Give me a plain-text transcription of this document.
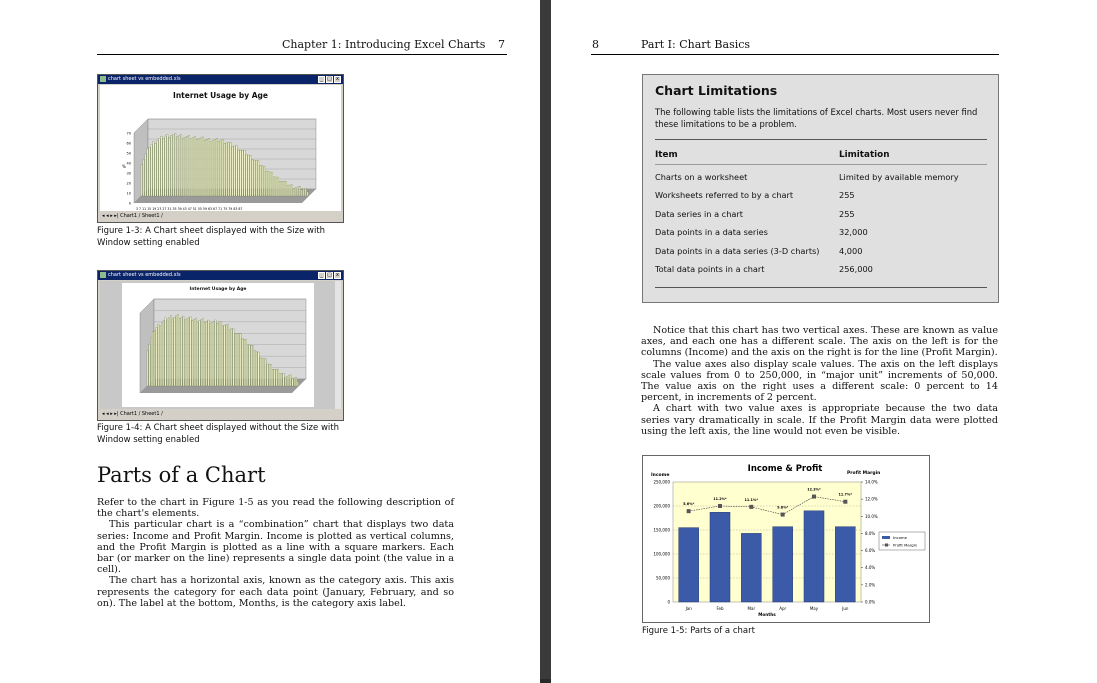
Chapter 1: Introducing Excel Charts 7
chart sheet vs embedded.xls	_ □ x
Internet Usage by Age
70
60
50
40
30
20
10
0
%
3 7 11 15 19 23 27 31 35 39 43 47 51 55 59 63 67 71 75 79 83 87
◂ ◂ ▸ ▸| Chart1 / Sheet1 /
Figure 1-3: A Chart sheet displayed with the Size with Window setting enabled
chart sheet vs embedded.xls	_ □ x
Internet Usage by Age
◂ ◂ ▸ ▸| Chart1 / Sheet1 /
Figure 1-4: A Chart sheet displayed without the Size with Window setting enabled
Parts of a Chart

Refer to the chart in Figure 1-5 as you read the following description of the chart's elements.

This particular chart is a “combination” chart that displays two data series: Income and Profit Margin. Income is plotted as vertical columns, and the Profit Margin is plotted as a line with a square markers. Each bar (or marker on the line) represents a single data point (the value in a cell).

The chart has a horizontal axis, known as the category axis. This axis represents the category for each data point (January, February, and so on). The label at the bottom, Months, is the category axis label.

8	Part I: Chart Basics
Chart Limitations
The following table lists the limitations of Excel charts. Most users never find these limitations to be a problem.
Item	Limitation
Charts on a worksheet	Limited by available memory
Worksheets referred to by a chart	255
Data series in a chart	255
Data points in a data series	32,000
Data points in a data series (3-D charts) 4,000
Total data points in a chart	256,000

Notice that this chart has two vertical axes. These are known as value axes, and each one has a different scale. The axis on the left is for the columns (Income) and the axis on the right is for the line (Profit Margin).

The value axes also display scale values. The axis on the left displays scale values from 0 to 250,000, in “major unit” increments of 50,000. The value axis on the right uses a different scale: 0 percent to 14 percent, in increments of 2 percent.

A chart with two value axes is appropriate because the two data series vary dramatically in scale. If the Profit Margin data were plotted using the left axis, the line would not even be visible.

Income & Profit
Income	Profit Margin
250,000
200,000
150,000
100,000
50,000
0
14.0%
12.0%
10.0%
8.0%
6.0%
4.0%
2.0%
0.0%
Jan
5.6%*
Feb
11.2%*
Mar
11.1%*
Apr
9.8%*
May
12.3%*
Jun
11.7%*
Months
Income
Profit Margin
Figure 1-5: Parts of a chart
